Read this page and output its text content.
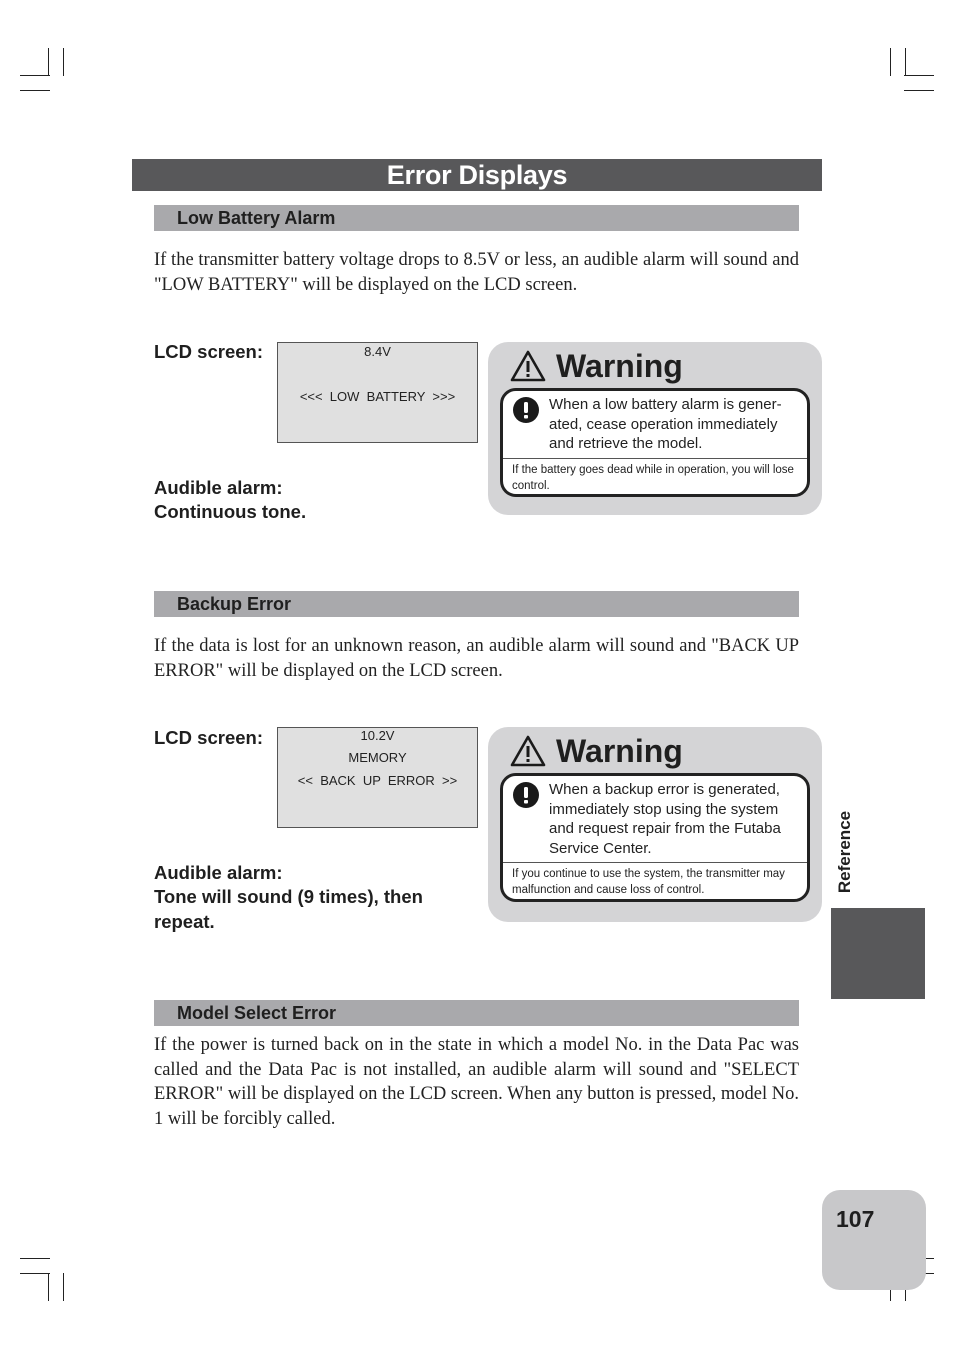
Error Displays
Low Battery Alarm
If the transmitter battery voltage drops to 8.5V or less, an audible alarm will sound and "LOW BATTERY" will be displayed on the LCD screen.
LCD screen:	8.4V
<<<  LOW  BATTERY  >>>
Audible alarm:
Continuous tone.
Warning
When a low battery alarm is gener-ated, cease operation immediately and retrieve the model.
If the battery goes dead while in operation, you will lose control.
Backup Error
If the data is lost for an unknown reason, an audible alarm will sound and "BACK UP ERROR" will be displayed on the LCD screen.
LCD screen:	10.2V
MEMORY
<<  BACK  UP  ERROR  >>
Audible alarm:
Tone will sound (9 times), then repeat.
Warning
When a backup error is generated, immediately stop using the system and request repair from the Futaba Service Center.
If you continue to use the system, the transmitter may malfunction and cause loss of control.
Model Select Error
If the power is turned back on in the state in which a model No. in the Data Pac was called and the Data Pac is not installed, an audible alarm will sound and "SELECT ERROR" will be displayed on the LCD screen. When any button is pressed, model No. 1 will be forcibly called.
Reference
107
